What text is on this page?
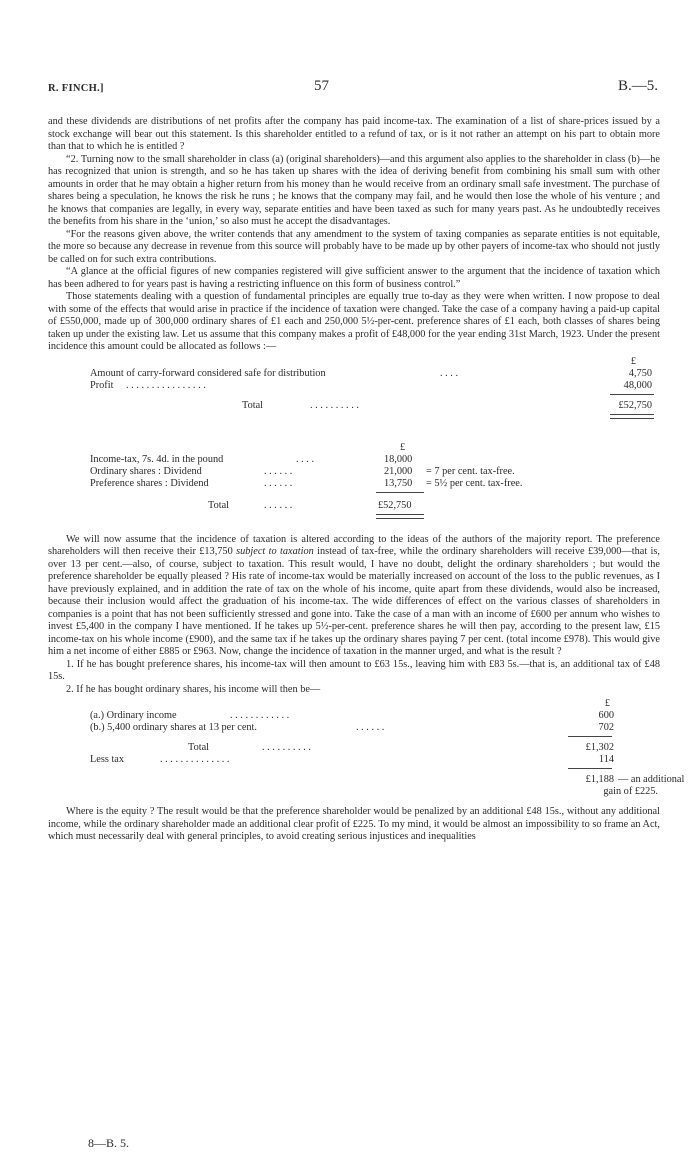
R. FINCH.]	57	B.—5.

and these dividends are distributions of net profits after the company has paid income-tax. The examination of a list of share-prices issued by a stock exchange will bear out this statement. Is this shareholder entitled to a refund of tax, or is it not rather an attempt on his part to obtain more than that to which he is entitled ?

“2. Turning now to the small shareholder in class (a) (original shareholders)—and this argument also applies to the shareholder in class (b)—he has recognized that union is strength, and so he has taken up shares with the idea of deriving benefit from combining his small sum with other amounts in order that he may obtain a higher return from his money than he would receive from an ordinary small safe investment. The purchase of shares being a speculation, he knows the risk he runs ; he knows that the company may fail, and he would then lose the whole of his venture ; and he knows that companies are legally, in every way, separate entities and have been taxed as such for many years past. As he undoubtedly receives the benefits from his share in the ‘union,’ so also must he accept the disadvantages.

“For the reasons given above, the writer contends that any amendment to the system of taxing companies as separate entities is not equitable, the more so because any decrease in revenue from this source will probably have to be made up by other payers of income-tax who should not justly be called on for such extra contributions.

“A glance at the official figures of new companies registered will give sufficient answer to the argument that the incidence of taxation which has been adhered to for years past is having a restricting influence on this form of business control.”

Those statements dealing with a question of fundamental principles are equally true to-day as they were when written. I now propose to deal with some of the effects that would arise in practice if the incidence of taxation were changed. Take the case of a company having a paid-up capital of £550,000, made up of 300,000 ordinary shares of £1 each and 250,000 5½-per-cent. preference shares of £1 each, both classes of shares being taken up under the existing law. Let us assume that this company makes a profit of £48,000 for the year ending 31st March, 1923. Under the present incidence this amount could be allocated as follows :—

£
Amount of carry-forward considered safe for distribution	. . . .	4,750
Profit . . . . . . . . . . . . . . . .	48,000
Total	. . . . . . . . . .	£52,750
£
Income-tax, 7s. 4d. in the pound	. . . .	18,000
Ordinary shares : Dividend	. . . . . .	21,000 = 7 per cent. tax-free.
Preference shares : Dividend	. . . . . .	13,750 = 5½ per cent. tax-free.
Total	. . . . . .	£52,750

We will now assume that the incidence of taxation is altered according to the ideas of the authors of the majority report. The preference shareholders will then receive their £13,750 subject to taxation instead of tax-free, while the ordinary shareholders will receive £39,000—that is, over 13 per cent.—also, of course, subject to taxation. This result would, I have no doubt, delight the ordinary shareholders ; but would the preference shareholder be equally pleased ? His rate of income-tax would be materially increased on account of the loss to the public revenues, as I have previously explained, and in addition the rate of tax on the whole of his income, quite apart from these dividends, would also be increased, because their inclusion would affect the graduation of his income-tax. The wide differences of effect on the various classes of shareholders in companies is a point that has not been sufficiently stressed and gone into. Take the case of a man with an income of £600 per annum who wishes to invest £5,400 in the company I have mentioned. If he takes up 5½-per-cent. preference shares he will then pay, according to the present law, £15 income-tax on his whole income (£900), and the same tax if he takes up the ordinary shares paying 7 per cent. (total income £978). This would give him a net income of either £885 or £963. Now, change the incidence of taxation in the manner urged, and what is the result ?

1. If he has bought preference shares, his income-tax will then amount to £63 15s., leaving him with £83 5s.—that is, an additional tax of £48 15s.

2. If he has bought ordinary shares, his income will then be—

£
(a.) Ordinary income	. . . . . . . . . . . .	600
(b.) 5,400 ordinary shares at 13 per cent.	. . . . . .	702
Total	. . . . . . . . . .	£1,302
Less tax	. . . . . . . . . . . . . .	114
£1,188 — an additional
gain of £225.

Where is the equity ? The result would be that the preference shareholder would be penalized by an additional £48 15s., without any additional income, while the ordinary shareholder made an additional clear profit of £225. To my mind, it would be almost an impossibility to so frame an Act, which must necessarily deal with general principles, to avoid creating serious injustices and inequalities

8—B. 5.
